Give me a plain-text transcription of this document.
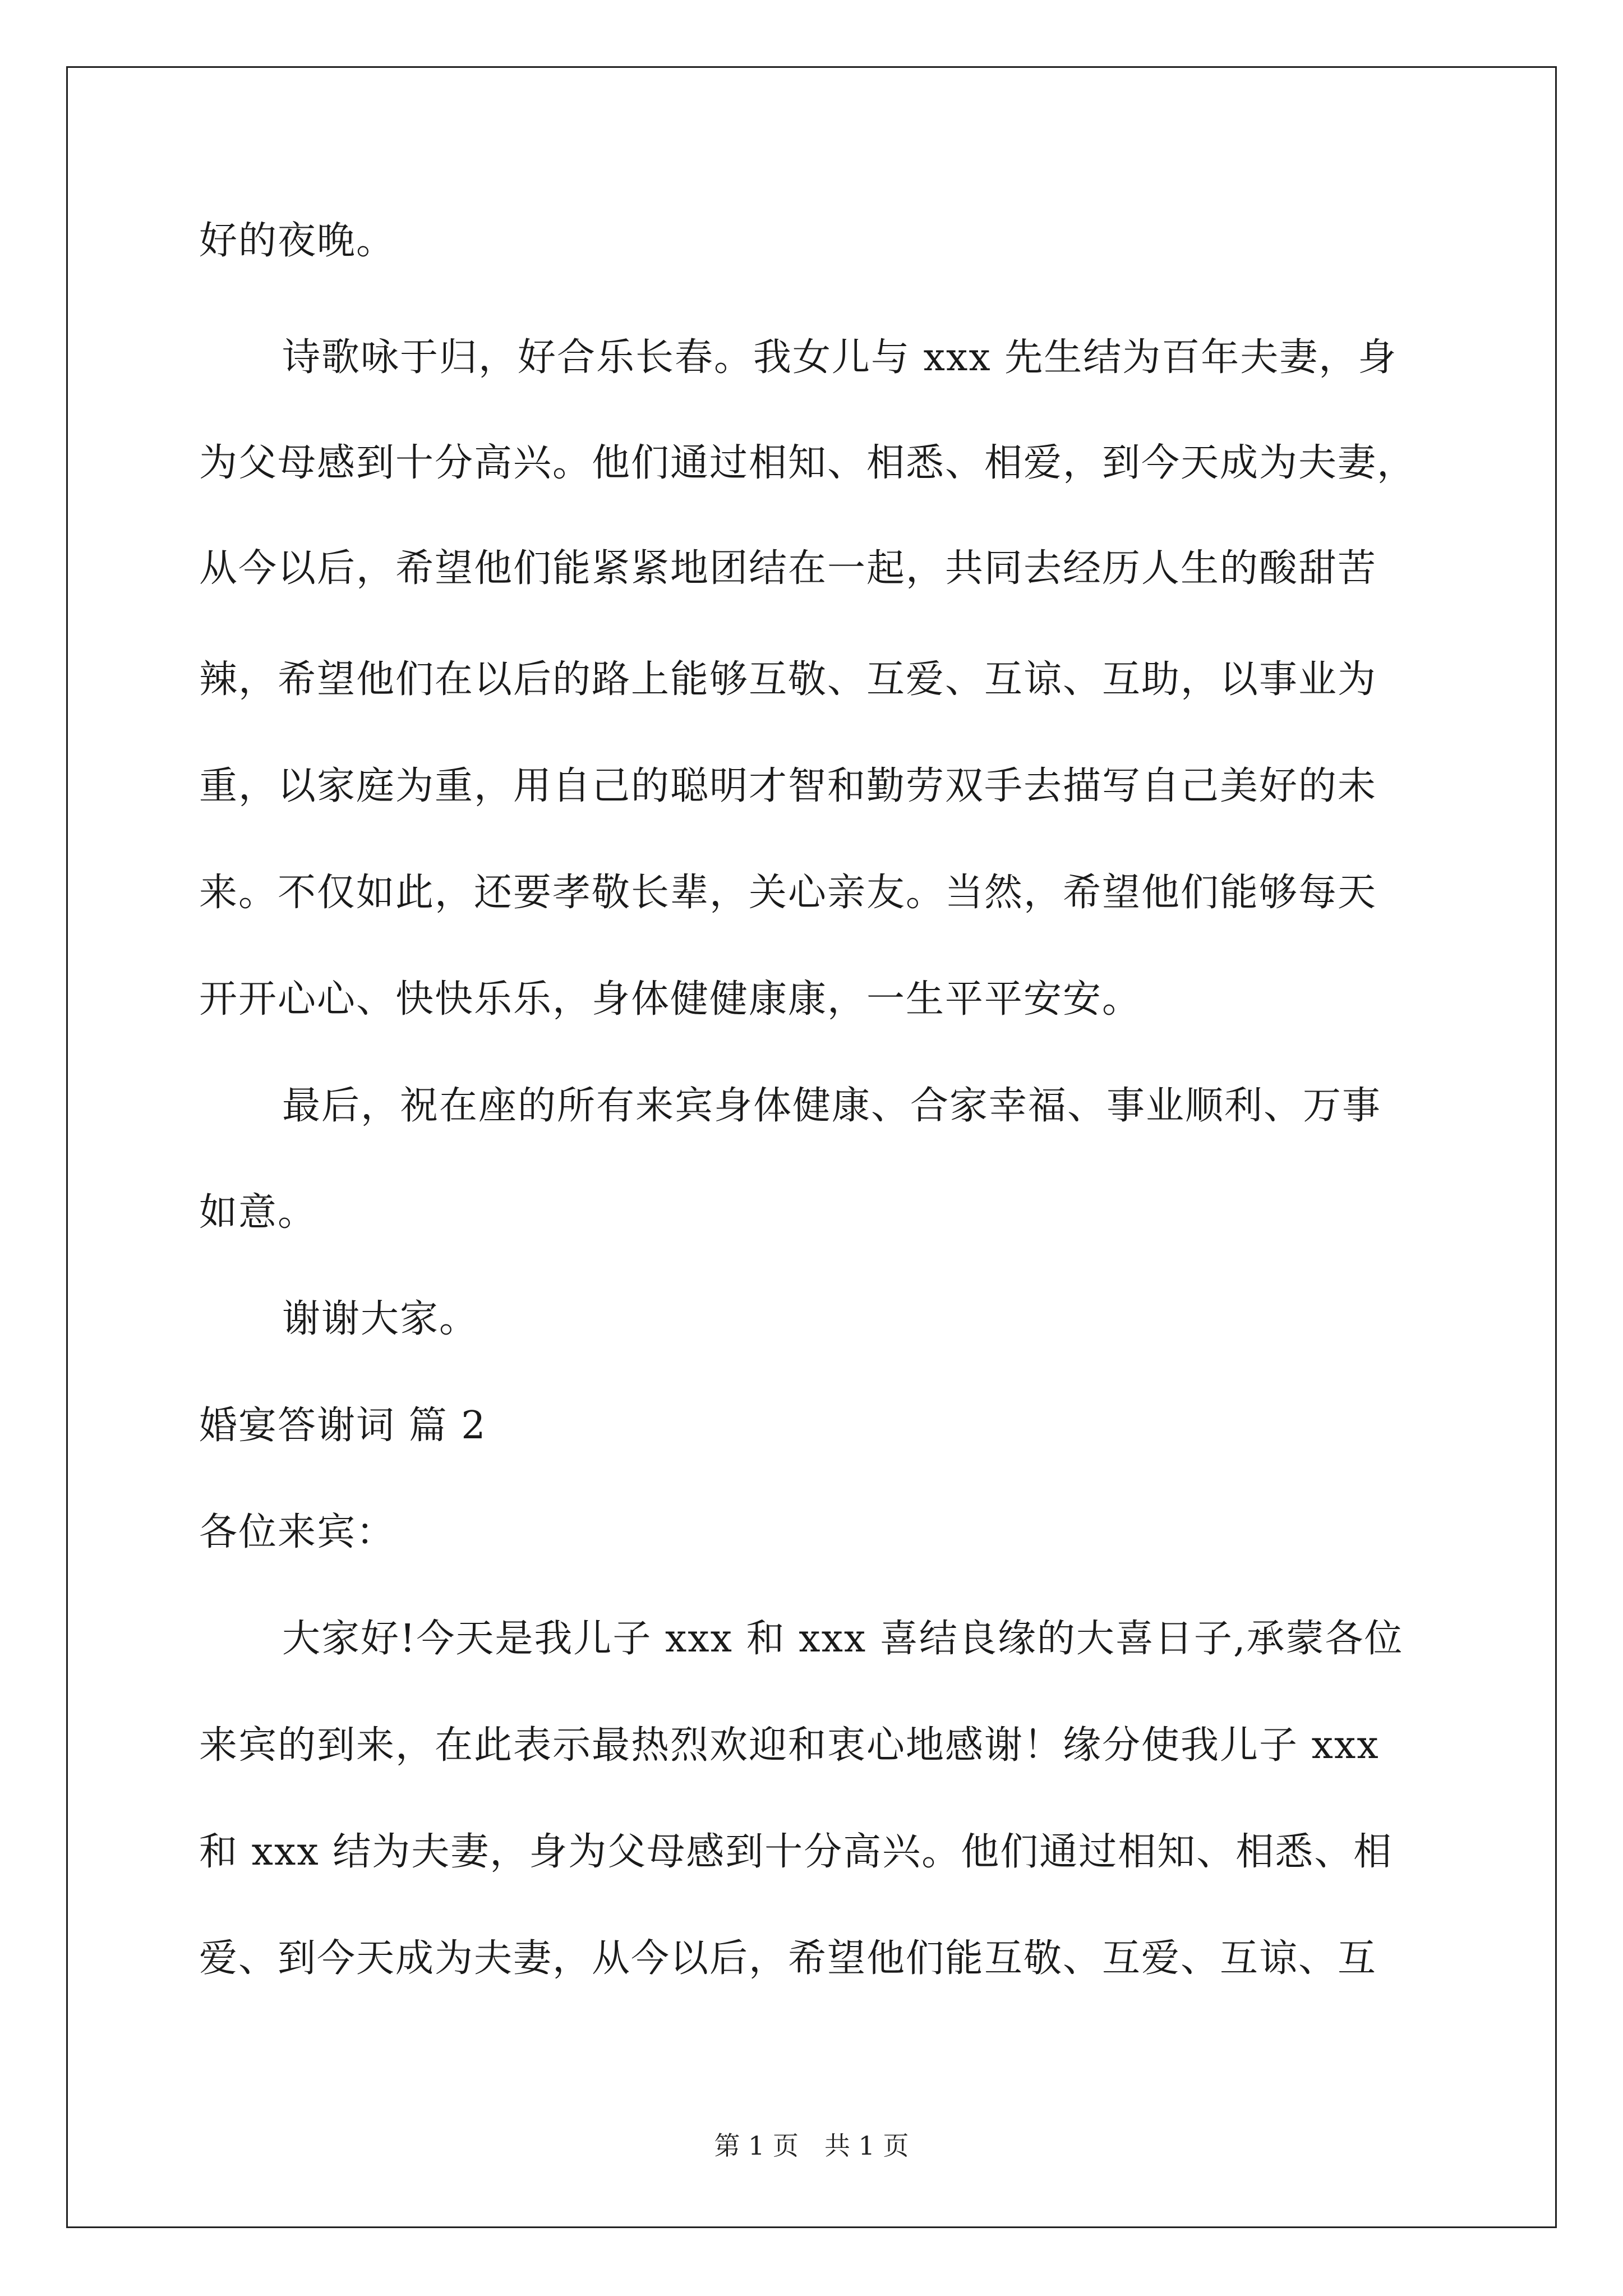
好的夜晚。
诗歌咏于归，好合乐长春。我女儿与 xxx 先生结为百年夫妻，身
为父母感到十分高兴。他们通过相知、相悉、相爱，到今天成为夫妻，
从今以后，希望他们能紧紧地团结在一起，共同去经历人生的酸甜苦
辣，希望他们在以后的路上能够互敬、互爱、互谅、互助，以事业为
重，以家庭为重，用自己的聪明才智和勤劳双手去描写自己美好的未
来。不仅如此，还要孝敬长辈，关心亲友。当然，希望他们能够每天
开开心心、快快乐乐，身体健健康康，一生平平安安。
最后，祝在座的所有来宾身体健康、合家幸福、事业顺利、万事
如意。
谢谢大家。
婚宴答谢词 篇 2
各位来宾：
大家好!今天是我儿子 xxx 和 xxx 喜结良缘的大喜日子,承蒙各位
来宾的到来，在此表示最热烈欢迎和衷心地感谢！缘分使我儿子 xxx
和 xxx 结为夫妻，身为父母感到十分高兴。他们通过相知、相悉、相
爱、到今天成为夫妻，从今以后，希望他们能互敬、互爱、互谅、互
第 1 页 共 1 页
